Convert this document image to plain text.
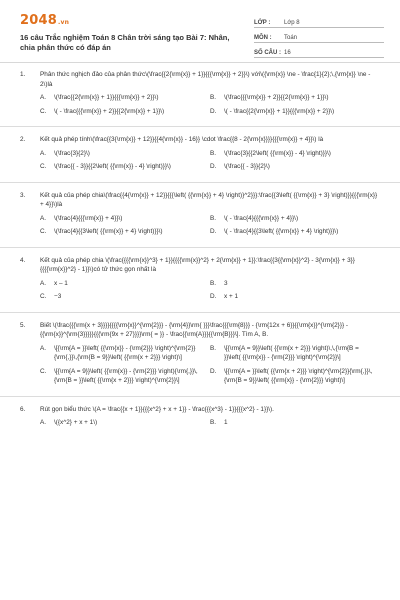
2048.vn
16 câu Trắc nghiệm Toán 8 Chân trời sáng tạo Bài 7: Nhân, chia phân thức có đáp án
LỚP :	Lớp 8
MÔN :	Toán
SỐ CÂU : 16
1. Phân thức nghịch đảo của phân thức\(\frac{{2{\rm{x}} + 1}}{{{\rm{x}} + 2}}\) với\({\rm{x}} \ne - \frac{1}{2};\,{\rm{x}} \ne - 2\)là
A. \(\frac{{2{\rm{x}} + 1}}{{{\rm{x}} + 2}}\)	B. \(\frac{{{\rm{x}} + 2}}{{2{\rm{x}} + 1}}\)
C. \( - \frac{{{\rm{x}} + 2}}{{2{\rm{x}} + 1}}\)	D. \( - \frac{{2{\rm{x}} + 1}}{{{\rm{x}} + 2}}\)
2. Kết quả phép tính\(\frac{{3{\rm{x}} + 12}}{{4{\rm{x}} - 16}} \cdot \frac{{8 - 2{\rm{x}}}}{{{\rm{x}} + 4}}\) là
A. \(\frac{3}{2}\)	B. \(\frac{3}{{2\left( {{\rm{x}} - 4} \right)}}\)
C. \(\frac{{ - 3}}{{2\left( {{\rm{x}} - 4} \right)}}\)	D. \(\frac{{ - 3}}{2}\)
3. Kết quả của phép chia\(\frac{{4{\rm{x}} + 12}}{{{\left( {{\rm{x}} + 4} \right)}^2}}}:\frac{{3\left( {{\rm{x}} + 3} \right)}}{{{\rm{x}} + 4}}\)là
A. \(\frac{4}{{{\rm{x}} + 4}}\)	B. \( - \frac{4}{{{\rm{x}} + 4}}\)
C. \(\frac{4}{{3\left( {{\rm{x}} + 4} \right)}}\)	D. \( - \frac{4}{{3\left( {{\rm{x}} + 4} \right)}}\)
4. Kết quả của phép chia \(\frac{{{{\rm{x}}^3} + 1}}{{{{\rm{x}}^2} + 2{\rm{x}} + 1}}:\frac{{3{{\rm{x}}^2} - 3{\rm{x}} + 3}}{{{{\rm{x}}^2} - 1}}\)có tử thức gọn nhất là
A. x – 1	B. 3
C. −3	D. x + 1
5. Biết \(\frac{{{\rm{x + 3}}}}{{{{\rm{x}}^{\rm{2}}} - {\rm{4}}\rm{ }}}\frac{{{\rm{8}}} - {\rm{12x + 6}}{{\rm{x}}^{\rm{2}}} - {{\rm{x}}^{\rm{3}}}}}{{{\rm{9x + 27}}}}\rm{ = }} - \frac{{\rm{A}}}{{\rm{B}}}\]. Tìm A, B.
A. \[{\rm{A = }}\left( {{\rm{x}} - {\rm{2}}} \right)^{\rm{2}}{\rm{,}}\,{\rm{B = 9}}\left( {{\rm{x + 2}}} \right)\]
B. \[{\rm{A = 9}}\left( {{\rm{x + 2}}} \right)\,\,{\rm{B = }}\left( {{\rm{x}} - {\rm{2}}} \right)^{\rm{2}}\]
C. \[{\rm{A = 9}}\left( {{\rm{x}} - {\rm{2}}} \right){\rm{,}}\,{\rm{B = }}\left( {{\rm{x + 2}}} \right)^{\rm{2}}\]
D. \[{\rm{A = }}\left( {{\rm{x + 2}}} \right)^{\rm{2}}{\rm{,}}\,{\rm{B = 9}}\left( {{\rm{x}} - {\rm{2}}} \right)\]
6. Rút gọn biểu thức \(A = \frac{{x + 1}}{{{x^2} + x + 1}} - \frac{{{x^3} - 1}}{{{x^2} - 1}}\).
A. \({x^2} + x + 1\)	B. 1
